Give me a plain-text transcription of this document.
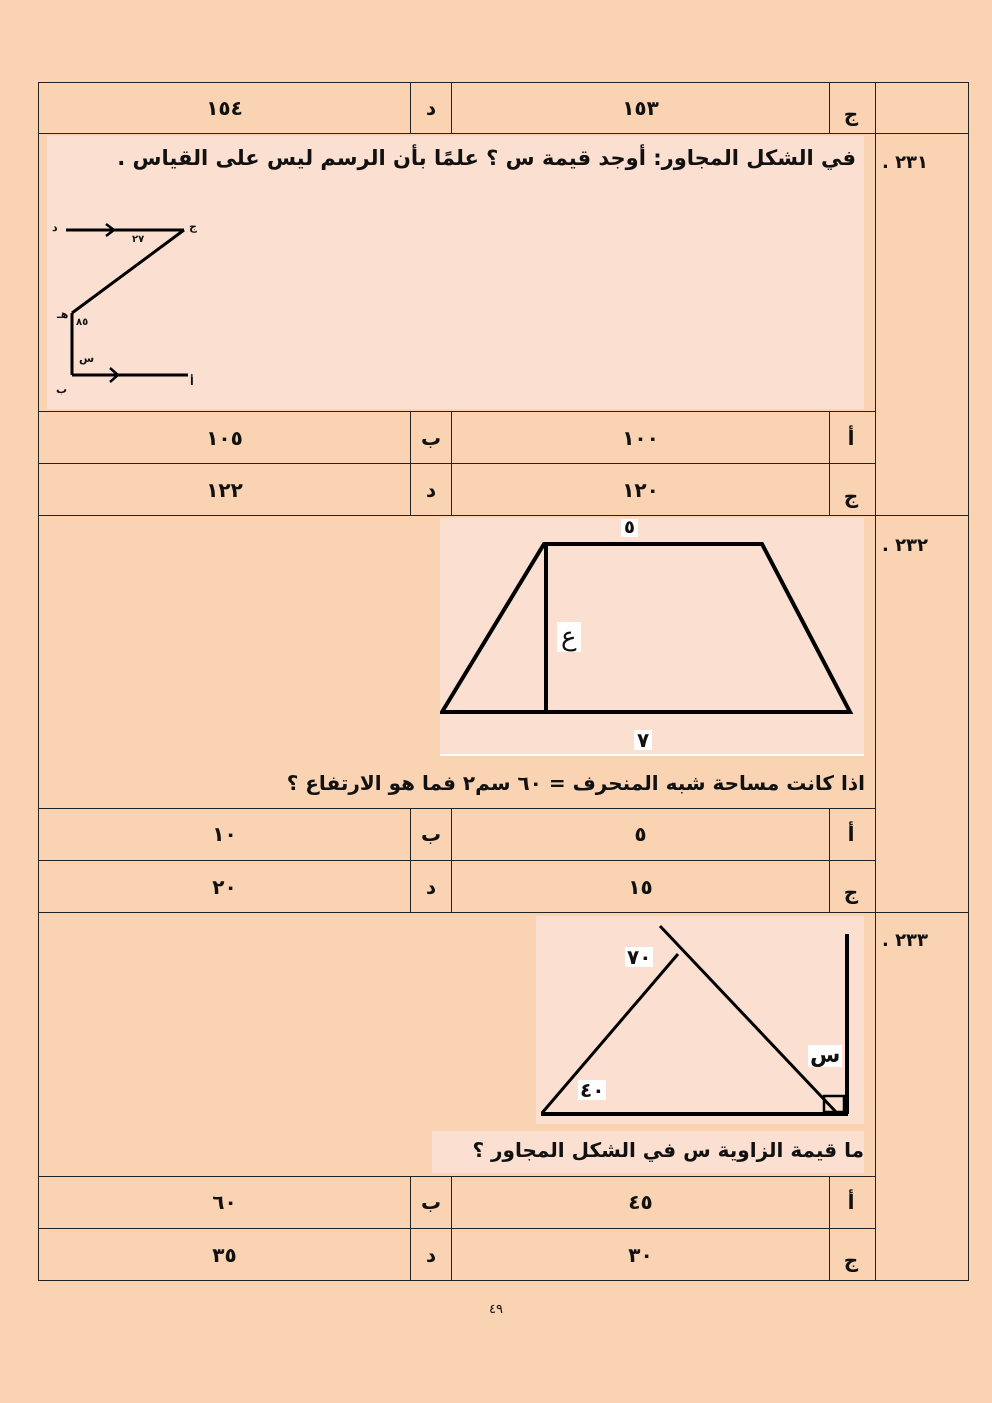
ج
١٥٣
د
١٥٤
أ
١٠٠
ب
١٠٥
ج
١٢٠
د
١٢٢
أ
٥
ب
١٠
ج
١٥
د
٢٠
أ
٤٥
ب
٦٠
ج
٣٠
د
٣٥
٢٣١ .
في الشكل المجاور: أوجد قيمة س ؟ علمًا بأن الرسم ليس على القياس .
د	ج
٢٧
هـ
٨٥
س
أ
ب
٢٣٢ .
٥
ع
٧
اذا كانت مساحة شبه المنحرف = ٦٠ سم٢ فما هو الارتفاع ؟
٢٣٣ .
٧٠
س
٤٠
ما قيمة الزاوية س في الشكل المجاور ؟
٤٩
